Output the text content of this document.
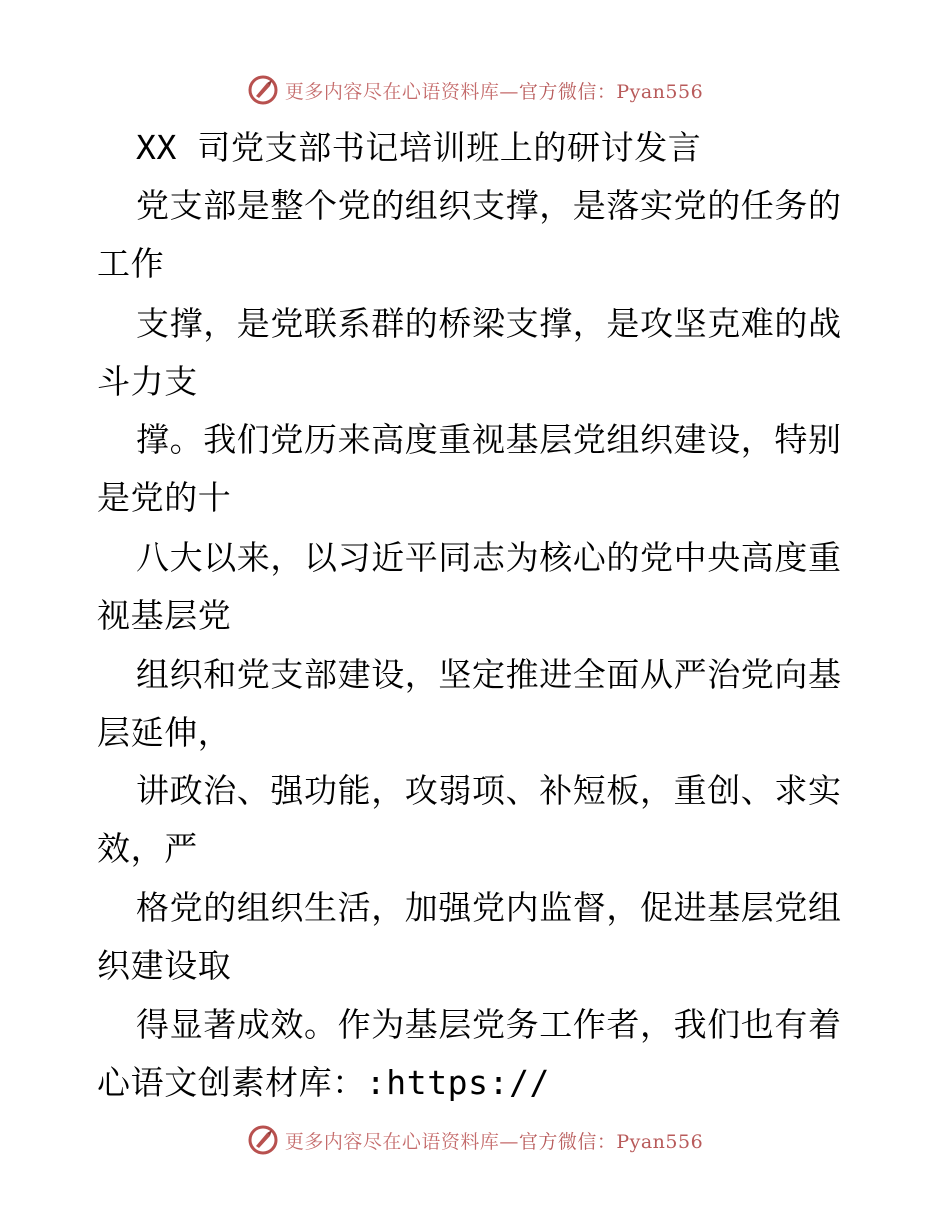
更多内容尽在心语资料库—官方微信：Pyan556
XX 司党支部书记培训班上的研讨发言
党支部是整个党的组织支撑，是落实党的任务的
工作
支撑，是党联系群的桥梁支撑，是攻坚克难的战
斗力支
撑。我们党历来高度重视基层党组织建设，特别
是党的十
八大以来，以习近平同志为核心的党中央高度重
视基层党
组织和党支部建设，坚定推进全面从严治党向基
层延伸，
讲政治、强功能，攻弱项、补短板，重创、求实
效，严
格党的组织生活，加强党内监督，促进基层党组
织建设取
得显著成效。作为基层党务工作者，我们也有着
心语文创素材库：:https://
更多内容尽在心语资料库—官方微信：Pyan556
